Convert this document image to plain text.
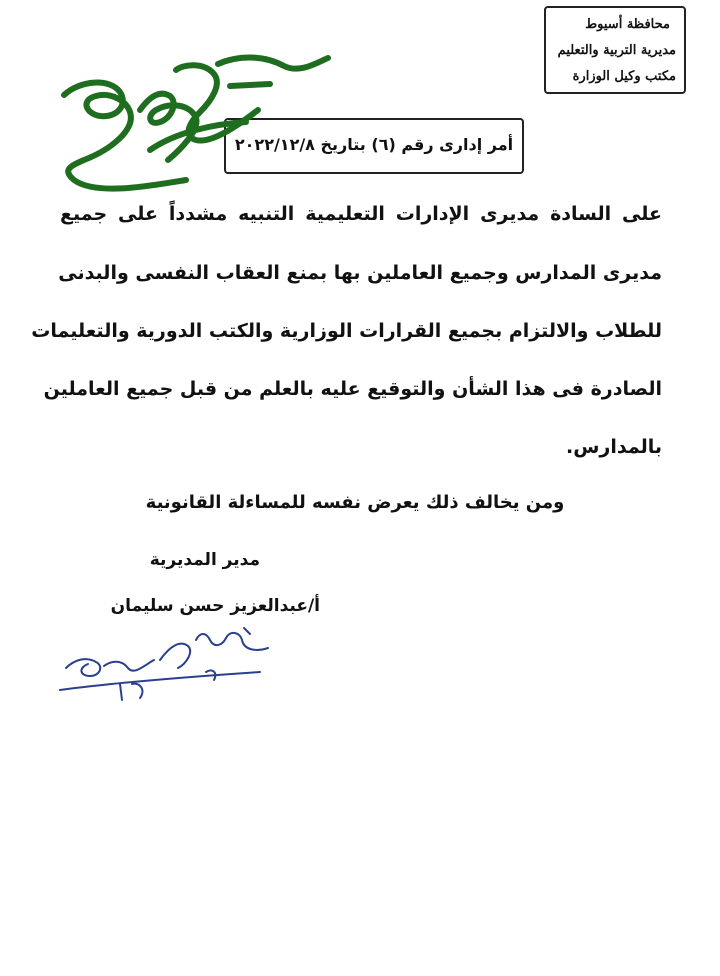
محافظة أسيوط
مديرية التربية والتعليم
مكتب وكيل الوزارة
أمر إدارى رقم (٦) بتاريخ ٢٠٢٢/١٢/٨
على السادة مديرى الإدارات التعليمية التنبيه مشدداً على جميع
مديرى المدارس وجميع العاملين بها بمنع العقاب النفسى والبدنى
للطلاب والالتزام بجميع القرارات الوزارية والكتب الدورية والتعليمات
الصادرة فى هذا الشأن والتوقيع عليه بالعلم من قبل جميع العاملين
بالمدارس.
ومن يخالف ذلك يعرض نفسه للمساءلة القانونية
مدير المديرية
أ/عبدالعزيز حسن سليمان
